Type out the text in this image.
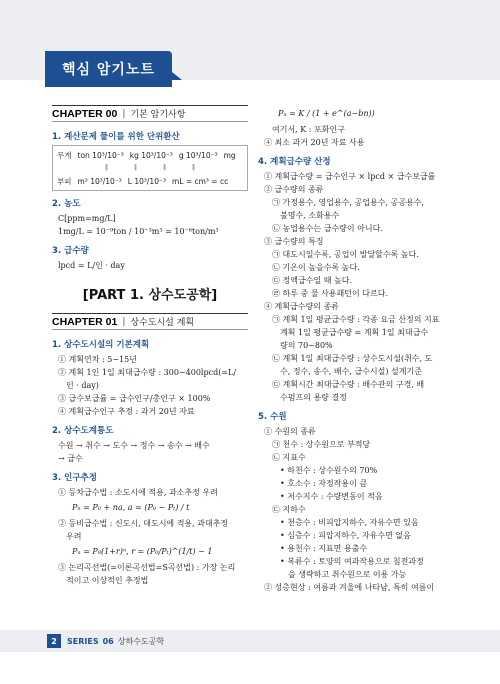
핵심 암기노트
CHAPTER 00 | 기본 암기사항
1. 계산문제 풀이를 위한 단위환산
무게 ton 10³/10⁻³ kg 10³/10⁻³ g 10³/10⁻³ mg
‖‖‖‖
부피 m³ 10³/10⁻³ L 10³/10⁻³ mL = cm³ = cc
2. 농도
C[ppm=mg/L]
1mg/L = 10⁻⁹ton / 10⁻³m³ = 10⁻⁶ton/m³
3. 급수량
lpcd = L/인 · day
[PART 1. 상수도공학]
CHAPTER 01 | 상수도시설 계획
1. 상수도시설의 기본계획
① 계획연차 : 5~15년
② 계획 1인 1일 최대급수량 : 300~400lpcd(=L/
인 · day)
③ 급수보급률 = 급수인구/총인구 × 100%
④ 계획급수인구 추정 : 과거 20년 자료
2. 상수도계통도
수원 → 취수 → 도수 → 정수 → 송수 → 배수
→ 급수
3. 인구추정
① 등차급수법 : 소도시에 적용, 과소추정 우려
Pₙ = P₀ + na, a = (P₀ − Pₜ) / t
② 등비급수법 : 신도시, 대도시에 적용, 과대추정
우려
Pₙ = P₀(1+r)ⁿ, r = (P₀/Pₜ)^(1/t) − 1
③ 논리곡선법(=이론곡선법=S곡선법) : 가장 논리
적이고 이상적인 추정법
Pₙ = K / (1 + e^(a−bn))
여기서, K : 포화인구
④ 최소 과거 20년 자료 사용
4. 계획급수량 산정
① 계획급수량 = 급수인구 × lpcd × 급수보급률
② 급수량의 종류
㉠ 가정용수, 영업용수, 공업용수, 공공용수,
불명수, 소화용수
㉡ 농업용수는 급수량이 아니다.
③ 급수량의 특징
㉠ 대도시일수록, 공업이 발달할수록 높다.
㉡ 기온이 높을수록 높다.
㉢ 정액급수일 때 높다.
㉣ 하루 중 물 사용패턴이 다르다.
④ 계획급수량의 종류
㉠ 계획 1일 평균급수량 : 각종 요금 산정의 지표
계획 1일 평균급수량 = 계획 1일 최대급수
량의 70~80%
㉡ 계획 1일 최대급수량 : 상수도시설(취수, 도
수, 정수, 송수, 배수, 급수시설) 설계기준
㉢ 계획시간 최대급수량 : 배수관의 구경, 배
수펌프의 용량 결정
5. 수원
① 수원의 종류
㉠ 천수 : 상수원으로 부적당
㉡ 지표수
• 하천수 : 상수원수의 70%
• 호소수 : 자정작용이 큼
• 저수지수 : 수량변동이 적음
㉢ 지하수
• 천층수 : 비피압지하수, 자유수면 있음
• 심층수 : 피압지하수, 자유수면 없음
• 용천수 : 지표면 용출수
• 복류수 : 토양의 여과작용으로 침전과정
을 생략하고 취수원으로 이용 가능
② 성층현상 : 여름과 겨울에 나타남, 특히 여름이
2	SERIES 06 상하수도공학
